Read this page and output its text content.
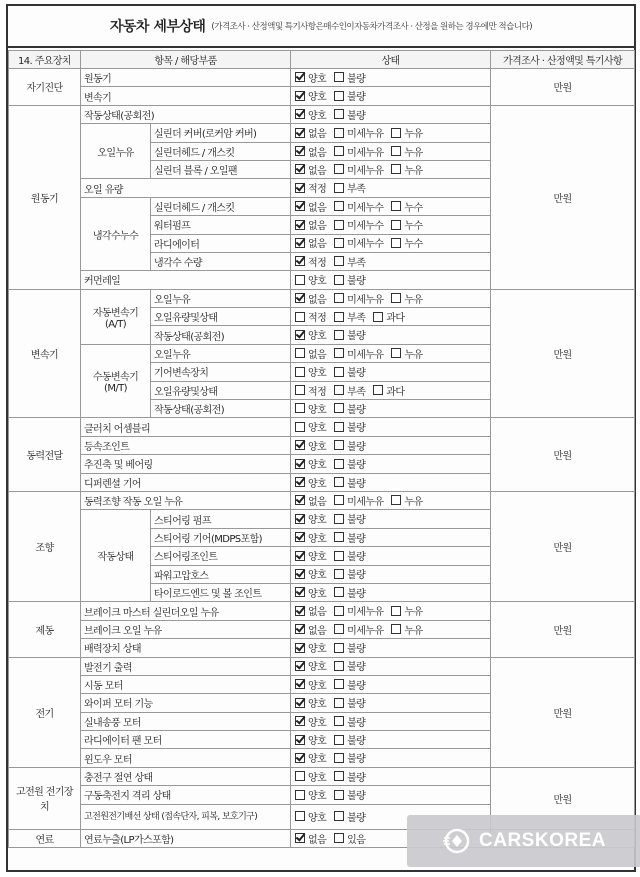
자동차 세부상태 (가격조사 · 산정액및 특기사항은매수인이자동차가격조사 · 산정을 원하는 경우에만 적습니다)
14. 주요장치	항목 / 해당부품		상태	가격조사 · 산정액및 특기사항
자기진단	원동기		양호 불량	만원
	변속기		양호 불량	

원동기	작동상태(공회전)		양호 불량	만원
	오일누유	실린더 커버(로커암 커버)	없음 미세누유 누유	

		실린더헤드 / 개스킷	없음 미세누유 누유	

		실린더 블록 / 오일팬	없음 미세누유 누유	

	오일 유량		적정 부족	

	냉각수누수	실린더헤드 / 개스킷	없음 미세누수 누수	

		워터펌프	없음 미세누수 누수	

		라디에이터	없음 미세누수 누수	

		냉각수 수량	적정 부족	

	커먼레일		양호 불량	

변속기	자동변속기 (A/T)	오일누유	없음 미세누유 누유	만원
		오일유량및상태	적정 부족 과다	

		작동상태(공회전)	양호 불량	

	수동변속기 (M/T)	오일누유	없음 미세누유 누유	

		기어변속장치	양호 불량	

		오일유량및상태	적정 부족 과다	

		작동상태(공회전)	양호 불량	

동력전달	클러치 어셈블리		양호 불량	만원
	등속조인트		양호 불량	

	추진축 및 베어링		양호 불량	

	디퍼렌셜 기어		양호 불량	

조향	동력조향 작동 오일 누유		없음 미세누유 누유	만원
	작동상태	스티어링 펌프	양호 불량	

		스티어링 기어(MDPS포함)	양호 불량	

		스티어링조인트	양호 불량	

		파워고압호스	양호 불량	

		타이로드엔드 및 볼 조인트	양호 불량	

제동	브레이크 마스터 실린더오일 누유		없음 미세누유 누유	만원
	브레이크 오일 누유		없음 미세누유 누유	

	배력장치 상태		양호 불량	

전기	발전기 출력		양호 불량	만원
	시동 모터		양호 불량	

	와이퍼 모터 기능		양호 불량	

	실내송풍 모터		양호 불량	

	라디에이터 팬 모터		양호 불량	

	윈도우 모터		양호 불량	

고전원 전기장치	충전구 절연 상태		양호 불량	만원
	구동축전지 격리 상태		양호 불량	

	고전원전기배선 상태 (접속단자, 피복, 보호기구)		양호 불량	

연료	연료누출(LP가스포함)		없음 있음	
		CARSKOREA
